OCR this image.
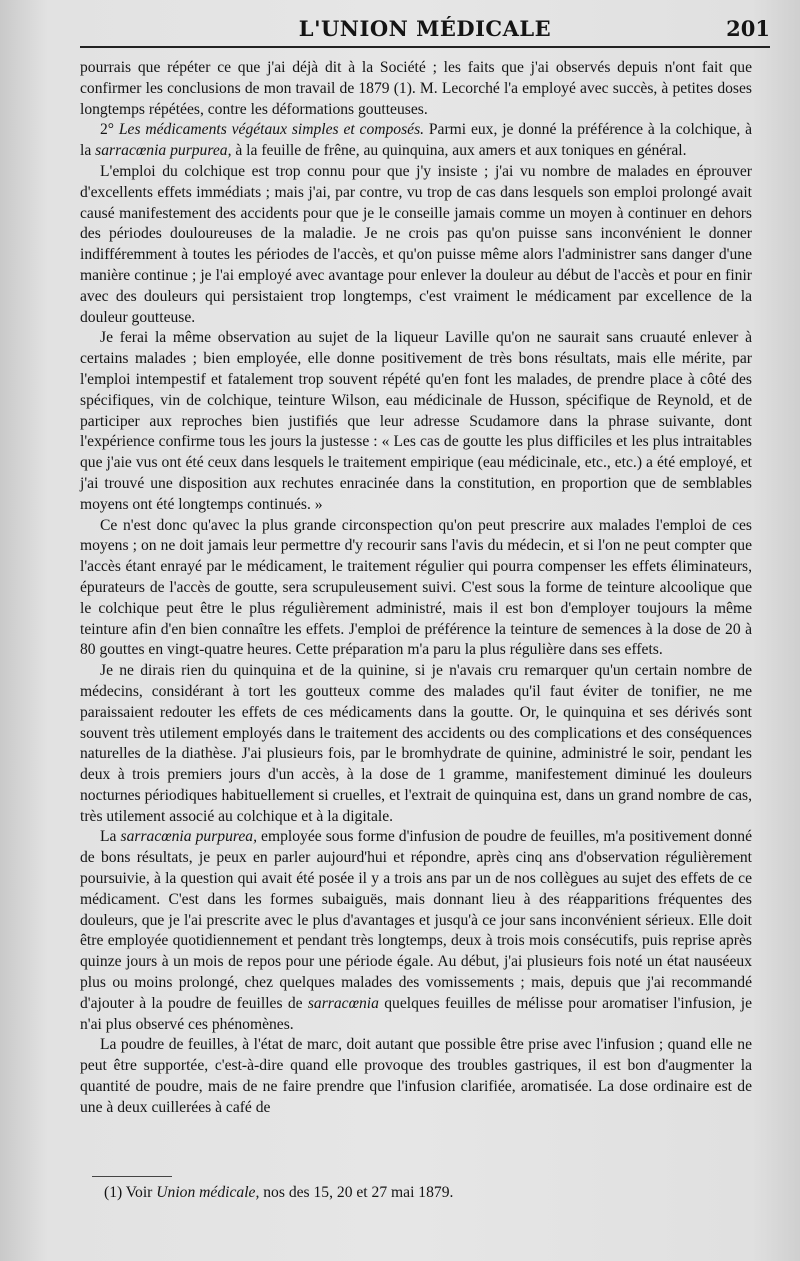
L'UNION MÉDICALE	201

pourrais que répéter ce que j'ai déjà dit à la Société ; les faits que j'ai observés depuis n'ont fait que confirmer les conclusions de mon travail de 1879 (1). M. Lecorché l'a employé avec succès, à petites doses longtemps répétées, contre les déformations goutteuses.

2° Les médicaments végétaux simples et composés. Parmi eux, je donné la préférence à la colchique, à la sarracœnia purpurea, à la feuille de frêne, au quinquina, aux amers et aux toniques en général.

L'emploi du colchique est trop connu pour que j'y insiste ; j'ai vu nombre de malades en éprouver d'excellents effets immédiats ; mais j'ai, par contre, vu trop de cas dans lesquels son emploi prolongé avait causé manifestement des accidents pour que je le conseille jamais comme un moyen à continuer en dehors des périodes douloureuses de la maladie. Je ne crois pas qu'on puisse sans inconvénient le donner indifféremment à toutes les périodes de l'accès, et qu'on puisse même alors l'administrer sans danger d'une manière continue ; je l'ai employé avec avantage pour enlever la douleur au début de l'accès et pour en finir avec des douleurs qui persistaient trop longtemps, c'est vraiment le médicament par excellence de la douleur goutteuse.

Je ferai la même observation au sujet de la liqueur Laville qu'on ne saurait sans cruauté enlever à certains malades ; bien employée, elle donne positivement de très bons résultats, mais elle mérite, par l'emploi intempestif et fatalement trop souvent répété qu'en font les malades, de prendre place à côté des spécifiques, vin de colchique, teinture Wilson, eau médicinale de Husson, spécifique de Reynold, et de participer aux reproches bien justifiés que leur adresse Scudamore dans la phrase suivante, dont l'expérience confirme tous les jours la justesse : « Les cas de goutte les plus difficiles et les plus intraitables que j'aie vus ont été ceux dans lesquels le traitement empirique (eau médicinale, etc., etc.) a été employé, et j'ai trouvé une disposition aux rechutes enracinée dans la constitution, en proportion que de semblables moyens ont été longtemps continués. »

Ce n'est donc qu'avec la plus grande circonspection qu'on peut prescrire aux malades l'emploi de ces moyens ; on ne doit jamais leur permettre d'y recourir sans l'avis du médecin, et si l'on ne peut compter que l'accès étant enrayé par le médicament, le traitement régulier qui pourra compenser les effets éliminateurs, épurateurs de l'accès de goutte, sera scrupuleusement suivi. C'est sous la forme de teinture alcoolique que le colchique peut être le plus régulièrement administré, mais il est bon d'employer toujours la même teinture afin d'en bien connaître les effets. J'emploi de préférence la teinture de semences à la dose de 20 à 80 gouttes en vingt-quatre heures. Cette préparation m'a paru la plus régulière dans ses effets.

Je ne dirais rien du quinquina et de la quinine, si je n'avais cru remarquer qu'un certain nombre de médecins, considérant à tort les goutteux comme des malades qu'il faut éviter de tonifier, ne me paraissaient redouter les effets de ces médicaments dans la goutte. Or, le quinquina et ses dérivés sont souvent très utilement employés dans le traitement des accidents ou des complications et des conséquences naturelles de la diathèse. J'ai plusieurs fois, par le bromhydrate de quinine, administré le soir, pendant les deux à trois premiers jours d'un accès, à la dose de 1 gramme, manifestement diminué les douleurs nocturnes périodiques habituellement si cruelles, et l'extrait de quinquina est, dans un grand nombre de cas, très utilement associé au colchique et à la digitale.

La sarracœnia purpurea, employée sous forme d'infusion de poudre de feuilles, m'a positivement donné de bons résultats, je peux en parler aujourd'hui et répondre, après cinq ans d'observation régulièrement poursuivie, à la question qui avait été posée il y a trois ans par un de nos collègues au sujet des effets de ce médicament. C'est dans les formes subaiguës, mais donnant lieu à des réapparitions fréquentes des douleurs, que je l'ai prescrite avec le plus d'avantages et jusqu'à ce jour sans inconvénient sérieux. Elle doit être employée quotidiennement et pendant très longtemps, deux à trois mois consécutifs, puis reprise après quinze jours à un mois de repos pour une période égale. Au début, j'ai plusieurs fois noté un état nauséeux plus ou moins prolongé, chez quelques malades des vomissements ; mais, depuis que j'ai recommandé d'ajouter à la poudre de feuilles de sarracœnia quelques feuilles de mélisse pour aromatiser l'infusion, je n'ai plus observé ces phénomènes.

La poudre de feuilles, à l'état de marc, doit autant que possible être prise avec l'infusion ; quand elle ne peut être supportée, c'est-à-dire quand elle provoque des troubles gastriques, il est bon d'augmenter la quantité de poudre, mais de ne faire prendre que l'infusion clarifiée, aromatisée. La dose ordinaire est de une à deux cuillerées à café de

(1) Voir Union médicale, nos des 15, 20 et 27 mai 1879.
